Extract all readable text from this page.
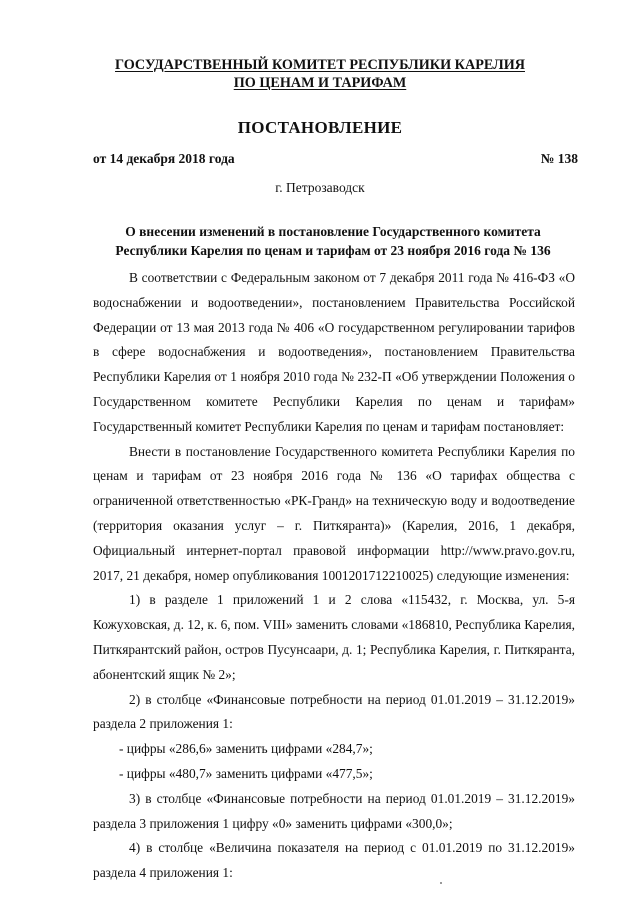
ГОСУДАРСТВЕННЫЙ КОМИТЕТ РЕСПУБЛИКИ КАРЕЛИЯ
ПО ЦЕНАМ И ТАРИФАМ
ПОСТАНОВЛЕНИЕ
от 14 декабря 2018 года	№ 138
г. Петрозаводск
О внесении изменений в постановление Государственного комитета Республики Карелия по ценам и тарифам от 23 ноября 2016 года № 136

В соответствии с Федеральным законом от 7 декабря 2011 года № 416-ФЗ «О водоснабжении и водоотведении», постановлением Правительства Российской Федерации от 13 мая 2013 года № 406 «О государственном регулировании тарифов в сфере водоснабжения и водоотведения», постановлением Правительства Республики Карелия от 1 ноября 2010 года № 232-П «Об утверждении Положения о Государственном комитете Республики Карелия по ценам и тарифам» Государственный комитет Республики Карелия по ценам и тарифам постановляет:

Внести в постановление Государственного комитета Республики Карелия по ценам и тарифам от 23 ноября 2016 года № 136 «О тарифах общества с ограниченной ответственностью «РК-Гранд» на техническую воду и водоотведение (территория оказания услуг – г. Питкяранта)» (Карелия, 2016, 1 декабря, Официальный интернет-портал правовой информации http://www.pravo.gov.ru, 2017, 21 декабря, номер опубликования 1001201712210025) следующие изменения:

1) в разделе 1 приложений 1 и 2 слова «115432, г. Москва, ул. 5-я Кожуховская, д. 12, к. 6, пом. VIII» заменить словами «186810, Республика Карелия, Питкярантский район, остров Пусунсаари, д. 1; Республика Карелия, г. Питкяранта, абонентский ящик № 2»;

2) в столбце «Финансовые потребности на период 01.01.2019 – 31.12.2019» раздела 2 приложения 1:

- цифры «286,6» заменить цифрами «284,7»;

- цифры «480,7» заменить цифрами «477,5»;

3) в столбце «Финансовые потребности на период 01.01.2019 – 31.12.2019» раздела 3 приложения 1 цифру «0» заменить цифрами «300,0»;

4) в столбце «Величина показателя на период с 01.01.2019 по 31.12.2019» раздела 4 приложения 1:
